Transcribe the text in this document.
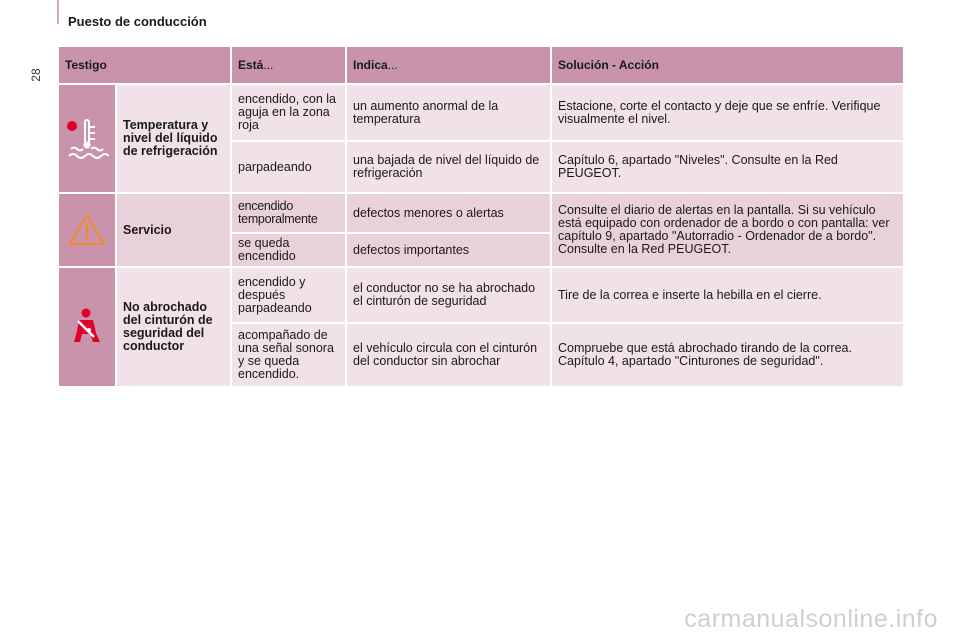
28
Puesto de conducción
Testigo		Está...	Indica...	Solución - Acción

	Temperatura y nivel del líquido de refrigeración	encendido, con la aguja en la zona roja	un aumento anormal de la temperatura	Estacione, corte el contacto y deje que se enfríe. Verifique visualmente el nivel.
		parpadeando	una bajada de nivel del líquido de refrigeración	Capítulo 6, apartado "Niveles". Consulte en la Red PEUGEOT.

	Servicio	encendido temporalmente	defectos menores o alertas	Consulte el diario de alertas en la pantalla. Si su vehículo está equipado con ordenador de a bordo o con pantalla: ver capítulo 9, apartado "Autorradio - Ordenador de a bordo". Consulte en la Red PEUGEOT.
		se queda encendido	defectos importantes	

	No abrochado del cinturón de seguridad del conductor	encendido y después parpadeando	el conductor no se ha abrochado el cinturón de seguridad	Tire de la correa e inserte la hebilla en el cierre.
		acompañado de una señal sonora y se queda encendido.	el vehículo circula con el cinturón del conductor sin abrochar	Compruebe que está abrochado tirando de la correa. Capítulo 4, apartado "Cinturones de seguridad".
carmanualsonline.info
